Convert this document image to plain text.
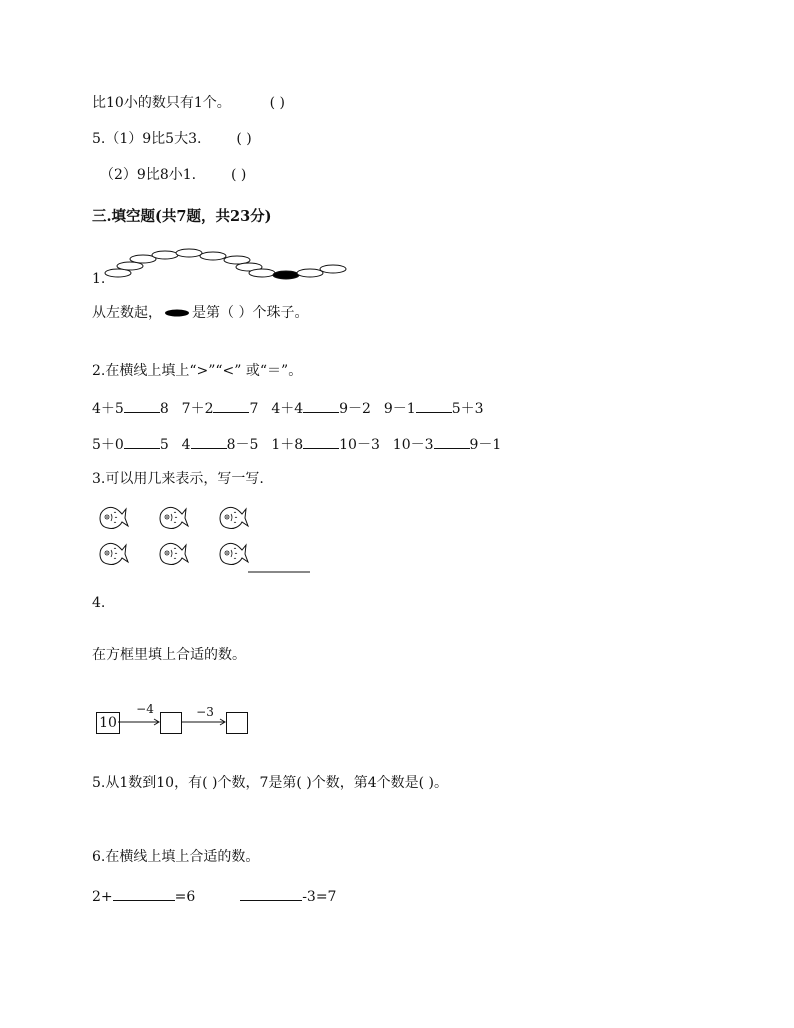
比10小的数只有1个。	( )
5.（1）9比5大3. ( )
（2）9比8小1. ( )
三.填空题(共7题，共23分)
1.
从左数起， 是第（ ）个珠子。
2.在横线上填上“>”“<” 或“＝”。
4＋5	8 7＋2	7 4＋4	9－2 9－1	5＋3
5＋0	5 4	8－5 1＋8	10－3 10－3	9－1
3.可以用几来表示，写一写.
4.
在方框里填上合适的数。
10
−4	−3
5.从1数到10，有( )个数，7是第( )个数，第4个数是( )。
6.在横线上填上合适的数。
2+	=6	-3=7
